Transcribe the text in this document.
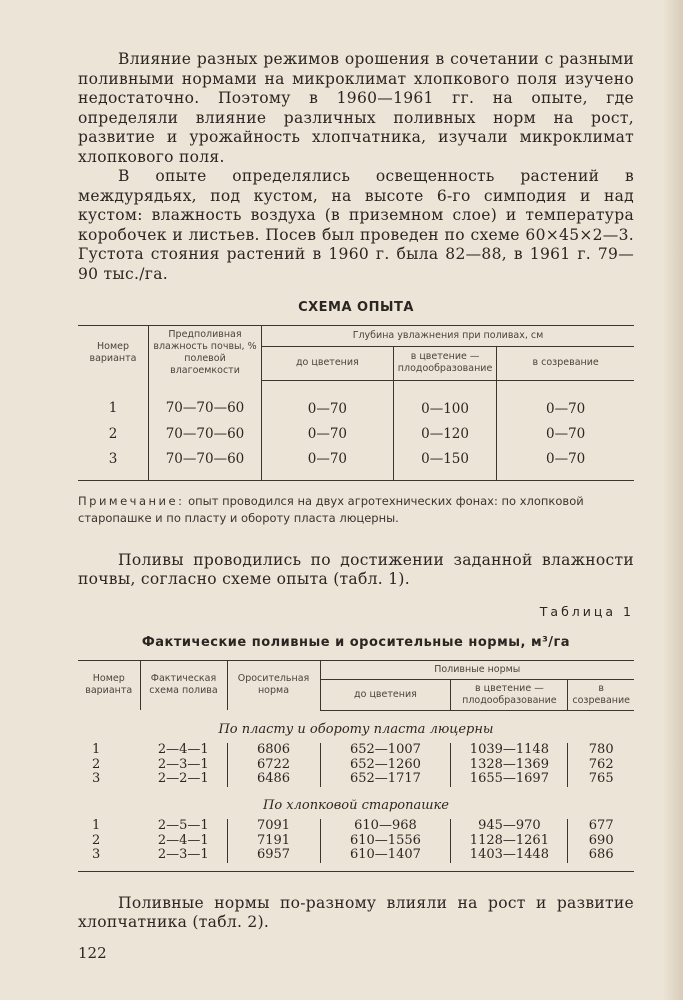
Влияние разных режимов орошения в сочетании с разными поливными нормами на микроклимат хлопкового поля изучено недостаточно. Поэтому в 1960—1961 гг. на опыте, где определяли влияние различных поливных норм на рост, развитие и урожайность хлопчатника, изучали микроклимат хлопкового поля.

В опыте определялись освещенность растений в междурядьях, под кустом, на высоте 6-го симподия и над кустом: влажность воздуха (в приземном слое) и температура коробочек и листьев. Посев был проведен по схеме 60×45×2—3. Густота стояния растений в 1960 г. была 82—88, в 1961 г. 79—90 тыс./га.

СХЕМА ОПЫТА
Номер варианта	Предполивная влажность почвы, % полевой влагоемкости	Глубина увлажнения при поливах, см		
		до цветения	в цветение — плодообразование	в созревание
1	70—70—60	0—70	0—100	0—70
2	70—70—60	0—70	0—120	0—70
3	70—70—60	0—70	0—150	0—70

Примечание: опыт проводился на двух агротехнических фонах: по хлопковой старопашке и по пласту и обороту пласта люцерны.

Поливы проводились по достижении заданной влажности почвы, согласно схеме опыта (табл. 1).

Таблица 1
Фактические поливные и оросительные нормы, м³/га
Номер варианта	Фактическая схема полива	Оросительная норма	Поливные нормы		
			до цветения	в цветение — плодообразование	в созревание
По пласту и обороту пласта люцерны					
1	2—4—1	6806	652—1007	1039—1148	780
2	2—3—1	6722	652—1260	1328—1369	762
3	2—2—1	6486	652—1717	1655—1697	765
По хлопковой старопашке					
1	2—5—1	7091	610—968	945—970	677
2	2—4—1	7191	610—1556	1128—1261	690
3	2—3—1	6957	610—1407	1403—1448	686

Поливные нормы по-разному влияли на рост и развитие хлопчатника (табл. 2).

122
